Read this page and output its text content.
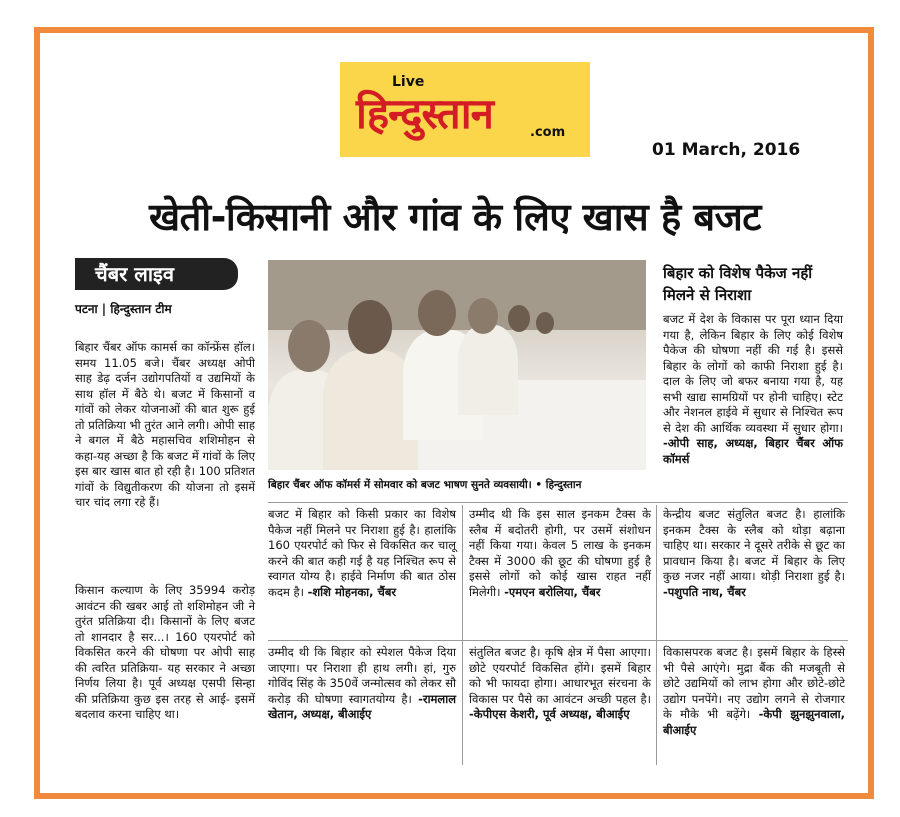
Live
हिन्दुस्तान	.com
01 March, 2016
खेती-किसानी और गांव के लिए खास है बजट
चैंबर लाइव
पटना | हिन्दुस्तान टीम
बिहार चैंबर ऑफ कामर्स का कॉन्फ्रेंस हॉल। समय 11.05 बजे। चैंबर अध्यक्ष ओपी साह डेढ़ दर्जन उद्योगपतियों व उद्यमियों के साथ हॉल में बैठे थे। बजट में किसानों व गांवों को लेकर योजनाओं की बात शुरू हुई तो प्रतिक्रिया भी तुरंत आने लगी। ओपी साह ने बगल में बैठे महासचिव शशिमोहन से कहा-यह अच्छा है कि बजट में गांवों के लिए इस बार खास बात हो रही है। 100 प्रतिशत गांवों के विद्युतीकरण की योजना तो इसमें चार चांद लगा रहे हैं।
किसान कल्याण के लिए 35994 करोड़ आवंटन की खबर आई तो शशिमोहन जी ने तुरंत प्रतिक्रिया दी। किसानों के लिए बजट तो शानदार है सर...। 160 एयरपोर्ट को विकसित करने की घोषणा पर ओपी साह की त्वरित प्रतिक्रिया- यह सरकार ने अच्छा निर्णय लिया है। पूर्व अध्यक्ष एसपी सिन्हा की प्रतिक्रिया कुछ इस तरह से आई- इसमें बदलाव करना चाहिए था।
बिहार चैंबर ऑफ कॉमर्स में सोमवार को बजट भाषण सुनते व्यवसायी। • हिन्दुस्तान
बिहार को विशेष पैकेज नहीं मिलने से निराशा
बजट में देश के विकास पर पूरा ध्यान दिया गया है, लेकिन बिहार के लिए कोई विशेष पैकेज की घोषणा नहीं की गई है। इससे बिहार के लोगों को काफी निराशा हुई है। दाल के लिए जो बफर बनाया गया है, यह सभी खाद्य सामग्रियों पर होनी चाहिए। स्टेट और नेशनल हाईवे में सुधार से निश्चित रूप से देश की आर्थिक व्यवस्था में सुधार होगा। -ओपी साह, अध्यक्ष, बिहार चैंबर ऑफ कॉमर्स
बजट में बिहार को किसी प्रकार का विशेष पैकेज नहीं मिलने पर निराशा हुई है। हालांकि 160 एयरपोर्ट को फिर से विकसित कर चालू करने की बात कही गई है यह निश्चित रूप से स्वागत योग्य है। हाईवे निर्माण की बात ठोस कदम है। -शशि मोहनका, चैंबर
उम्मीद थी कि इस साल इनकम टैक्स के स्लैब में बदोतरी होगी, पर उसमें संशोधन नहीं किया गया। केवल 5 लाख के इनकम टैक्स में 3000 की छूट की घोषणा हुई है इससे लोगों को कोई खास राहत नहीं मिलेगी। -एमएन बरोलिया, चैंबर
केन्द्रीय बजट संतुलित बजट है। हालांकि इनकम टैक्स के स्लैब को थोड़ा बढ़ाना चाहिए था। सरकार ने दूसरे तरीके से छूट का प्रावधान किया है। बजट में बिहार के लिए कुछ नजर नहीं आया। थोड़ी निराशा हुई है। -पशुपति नाथ, चैंबर
उम्मीद थी कि बिहार को स्पेशल पैकेज दिया जाएगा। पर निराशा ही हाथ लगी। हां, गुरु गोविंद सिंह के 350वें जन्मोत्सव को लेकर सौ करोड़ की घोषणा स्वागतयोग्य है। -रामलाल खेतान, अध्यक्ष, बीआईए
संतुलित बजट है। कृषि क्षेत्र में पैसा आएगा। छोटे एयरपोर्ट विकसित होंगे। इसमें बिहार को भी फायदा होगा। आधारभूत संरचना के विकास पर पैसे का आवंटन अच्छी पहल है। -केपीएस केशरी, पूर्व अध्यक्ष, बीआईए
विकासपरक बजट है। इसमें बिहार के हिस्से भी पैसे आएंगे। मुद्रा बैंक की मजबूती से छोटे उद्यमियों को लाभ होगा और छोटे-छोटे उद्योग पनपेंगे। नए उद्योग लगने से रोजगार के मौके भी बढ़ेंगे। -केपी झुनझुनवाला, बीआईए
